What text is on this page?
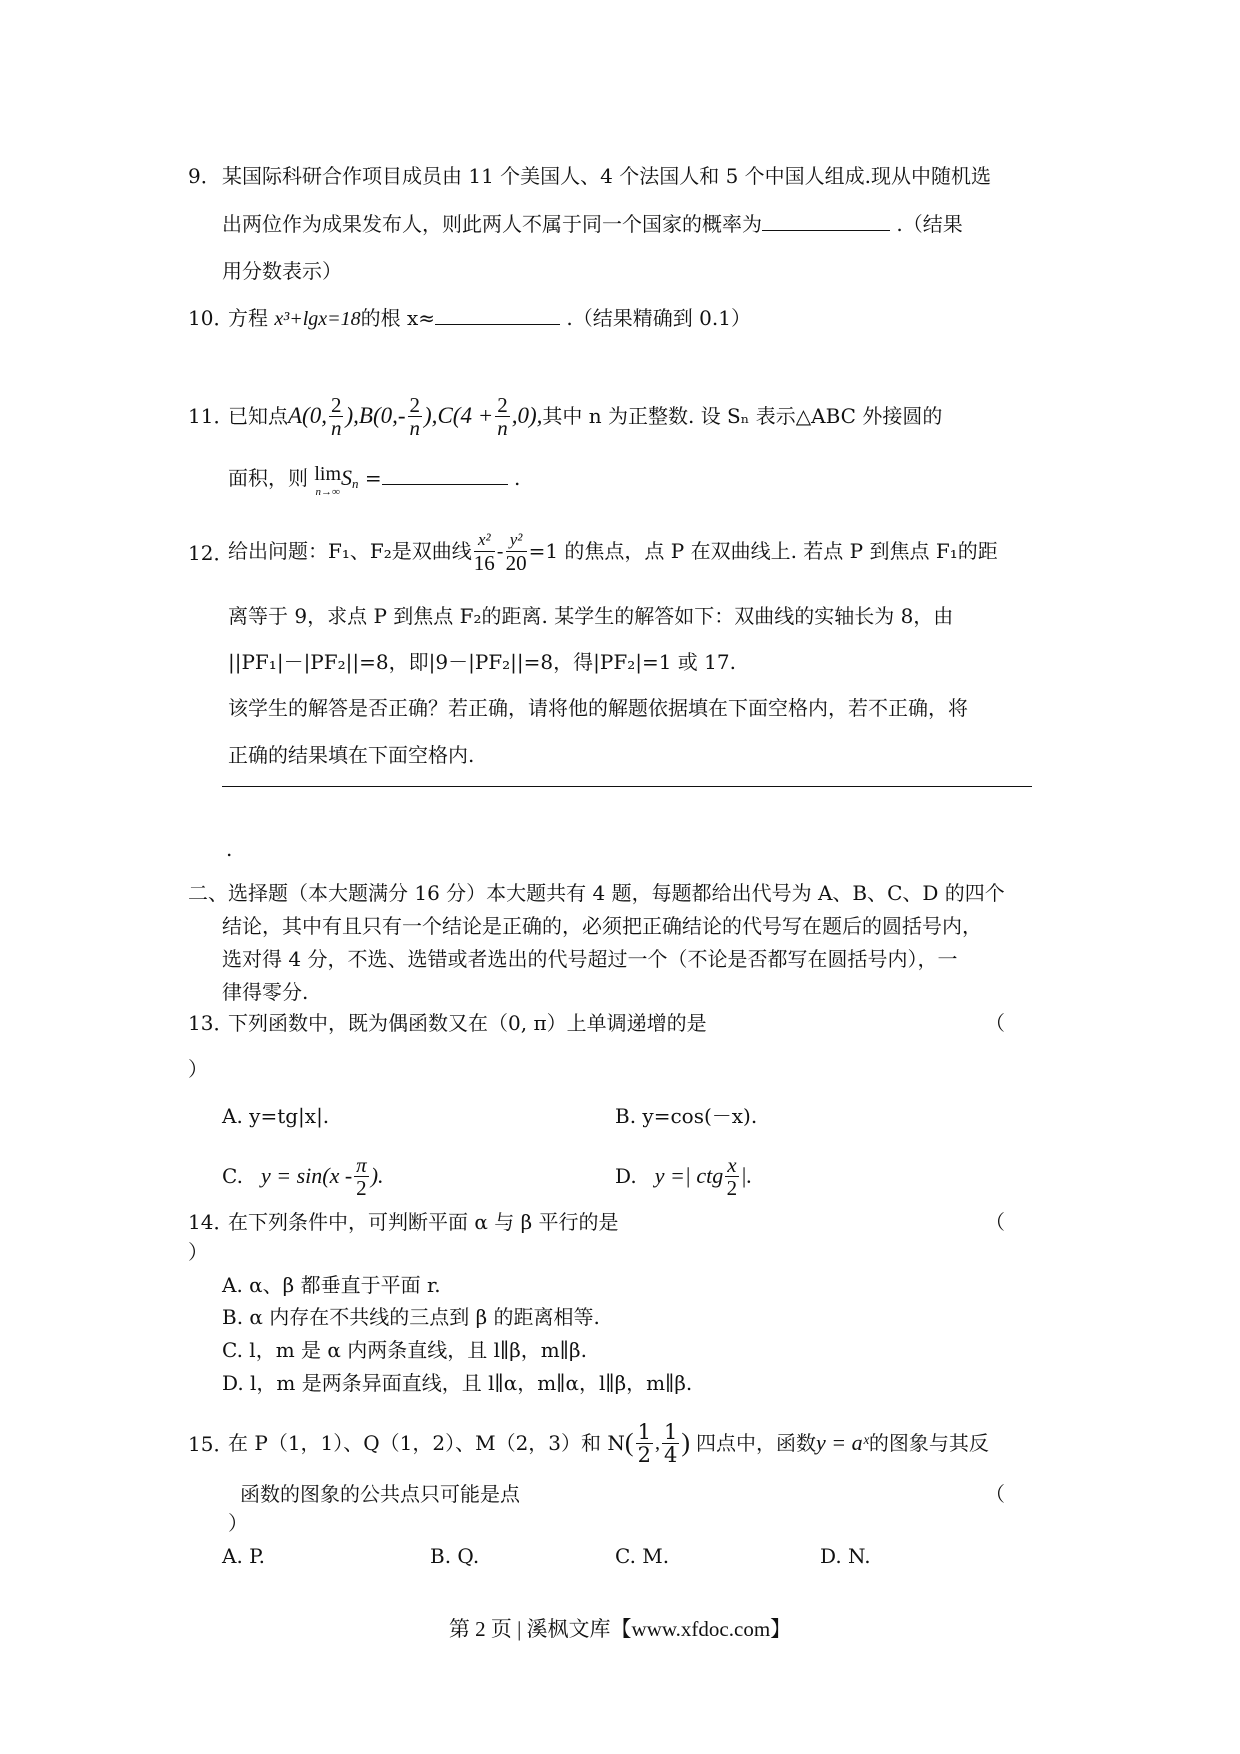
9． 某国际科研合作项目成员由 11 个美国人、4 个法国人和 5 个中国人组成.现从中随机选
出两位作为成果发布人，则此两人不属于同一个国家的概率为	.（结果
用分数表示）
10．
方程 x³+lgx=18的根 x≈	.（结果精确到 0.1）
11．
已知点 A(0, $\frac{2}{n}$ ), $B(0,- \frac{2}{n}$ ), $C(4 + \frac{2}{n} ,0)$, 其中 n 为正整数. 设 Sₙ 表示△ABC 外接圆的
面积，则 lim
n→∞
$S_n$ =	.
12．
给出问题：F₁、F₂是双曲线 $\frac{\text{x²}}{16} - \frac{\text{y²}}{20} =1$ 的焦点，点 P 在双曲线上. 若点 P 到焦点 F₁的距
离等于 9，求点 P 到焦点 F₂的距离. 某学生的解答如下：双曲线的实轴长为 8，由
||PF₁|－|PF₂||=8，即|9－|PF₂||=8，得|PF₂|=1 或 17.
该学生的解答是否正确？若正确，请将他的解题依据填在下面空格内，若不正确，将
正确的结果填在下面空格内.
.
二、选择题（本大题满分 16 分）本大题共有 4 题，每题都给出代号为 A、B、C、D 的四个
结论，其中有且只有一个结论是正确的，必须把正确结论的代号写在题后的圆括号内，
选对得 4 分，不选、选错或者选出的代号超过一个（不论是否都写在圆括号内），一
律得零分.
13．
下列函数中，既为偶函数又在（0, π）上单调递增的是	（
）
A. y=tg|x|.	B. y=cos(－x).
C. $y = \sin(x - \frac{\pi}{2}$ ).	D. y =| ctg $\frac{x}{2}$ |.
14．
在下列条件中，可判断平面 α 与 β 平行的是	（
）
A. α、β 都垂直于平面 r.
B. α 内存在不共线的三点到 β 的距离相等.
C. l，m 是 α 内两条直线，且 l∥β，m∥β.
D. l，m 是两条异面直线，且 l∥α，m∥α，l∥β，m∥β.
15．
在 P（1，1）、Q（1，2）、M（2，3）和 N ( $\frac{1}{2}$ , $\frac{1}{4}$ ) 四点中，函数 y = aˣ 的图象与其反
函数的图象的公共点只可能是点	（
）
A. P.	B. Q.	C. M.	D. N.
第 2 页 | 溪枫文库【www.xfdoc.com】
